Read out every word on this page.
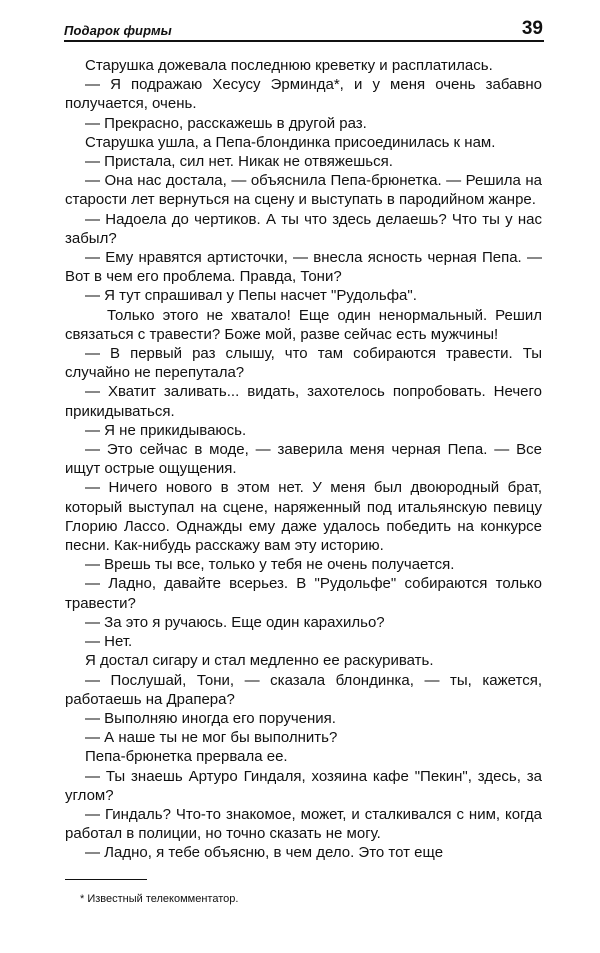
Подарок фирмы	39

Старушка дожевала последнюю креветку и расплатилась.

— Я подражаю Хесусу Эрминда*, и у меня очень забавно получается, очень.

— Прекрасно, расскажешь в другой раз.

Старушка ушла, а Пепа-блондинка присоединилась к нам.

— Пристала, сил нет. Никак не отвяжешься.

— Она нас достала, — объяснила Пепа-брюнетка. — Решила на старости лет вернуться на сцену и выступать в пародийном жанре.

— Надоела до чертиков. А ты что здесь делаешь? Что ты у нас забыл?

— Ему нравятся артисточки, — внесла ясность черная Пепа. — Вот в чем его проблема. Правда, Тони?

— Я тут спрашивал у Пепы насчет "Рудольфа".

Только этого не хватало! Еще один ненормальный. Решил связаться с травести? Боже мой, разве сейчас есть мужчины!

— В первый раз слышу, что там собираются травести. Ты случайно не перепутала?

— Хватит заливать... видать, захотелось попробовать. Нечего прикидываться.

— Я не прикидываюсь.

— Это сейчас в моде, — заверила меня черная Пепа. — Все ищут острые ощущения.

— Ничего нового в этом нет. У меня был двоюродный брат, который выступал на сцене, наряженный под итальянскую певицу Глорию Лассо. Однажды ему даже удалось победить на конкурсе песни. Как-нибудь расскажу вам эту историю.

— Врешь ты все, только у тебя не очень получается.

— Ладно, давайте всерьез. В "Рудольфе" собираются только травести?

— За это я ручаюсь. Еще один карахильо?

— Нет.

Я достал сигару и стал медленно ее раскуривать.

— Послушай, Тони, — сказала блондинка, — ты, кажется, работаешь на Драпера?

— Выполняю иногда его поручения.

— А наше ты не мог бы выполнить?

Пепа-брюнетка прервала ее.

— Ты знаешь Артуро Гиндаля, хозяина кафе "Пекин", здесь, за углом?

— Гиндаль? Что-то знакомое, может, и сталкивался с ним, когда работал в полиции, но точно сказать не могу.

— Ладно, я тебе объясню, в чем дело. Это тот еще

* Известный телекомментатор.
